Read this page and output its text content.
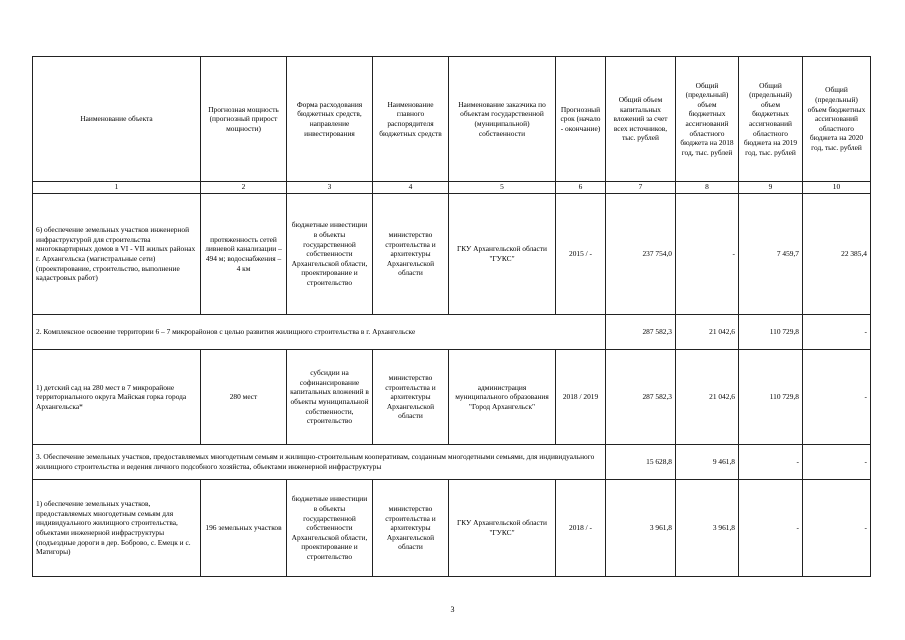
Наименование объекта	Прогнозная мощность (прогнозный прирост мощности)	Форма расходования бюджетных средств, направление инвестирования	Наименование главного распорядителя бюджетных средств	Наименование заказчика по объектам государственной (муниципальной) собственности	Прогнозный срок (начало - окончание)	Общий объем капитальных вложений за счет всех источников, тыс. рублей	Общий (предельный) объем бюджетных ассигнований областного бюджета на 2018 год, тыс. рублей	Общий (предельный) объем бюджетных ассигнований областного бюджета на 2019 год, тыс. рублей	Общий (предельный) объем бюджетных ассигнований областного бюджета на 2020 год, тыс. рублей
1	2	3	4	5	6	7	8	9	10
6) обеспечение земельных участков инженерной инфраструктурой для строительства многоквартирных домов в VI - VII жилых районах г. Архангельска (магистральные сети) (проектирование, строительство, выполнение кадастровых работ)	протяженность сетей ливневой канализации – 494 м; водоснабжения – 4 км	бюджетные инвестиции в объекты государственной собственности Архангельской области, проектирование и строительство	министерство строительства и архитектуры Архангельской области	ГКУ Архангельской области "ГУКС"	2015 / -	237 754,0	-	7 459,7	22 385,4
2. Комплексное освоение территории 6 – 7 микрорайонов с целью развития жилищного строительства в г. Архангельске						287 582,3	21 042,6	110 729,8	-
1) детский сад на 280 мест в 7 микрорайоне территориального округа Майская горка города Архангельска*	280 мест	субсидии на софинансирование капитальных вложений в объекты муниципальной собственности, строительство	министерство строительства и архитектуры Архангельской области	администрация муниципального образования "Город Архангельск"	2018 / 2019	287 582,3	21 042,6	110 729,8	-
3. Обеспечение земельных участков, предоставляемых многодетным семьям и жилищно-строительным кооперативам, созданным многодетными семьями, для индивидуального жилищного строительства и ведения личного подсобного хозяйства, объектами инженерной инфраструктуры						15 628,8	9 461,8	-	-
1) обеспечение земельных участков, предоставляемых многодетным семьям для индивидуального жилищного строительства, объектами инженерной инфраструктуры (подъездные дороги в дер. Боброво, с. Емецк и с. Матигоры)	196 земельных участков	бюджетные инвестиции в объекты государственной собственности Архангельской области, проектирование и строительство	министерство строительства и архитектуры Архангельской области	ГКУ Архангельской области "ГУКС"	2018 / -	3 961,8	3 961,8	-	-
3
